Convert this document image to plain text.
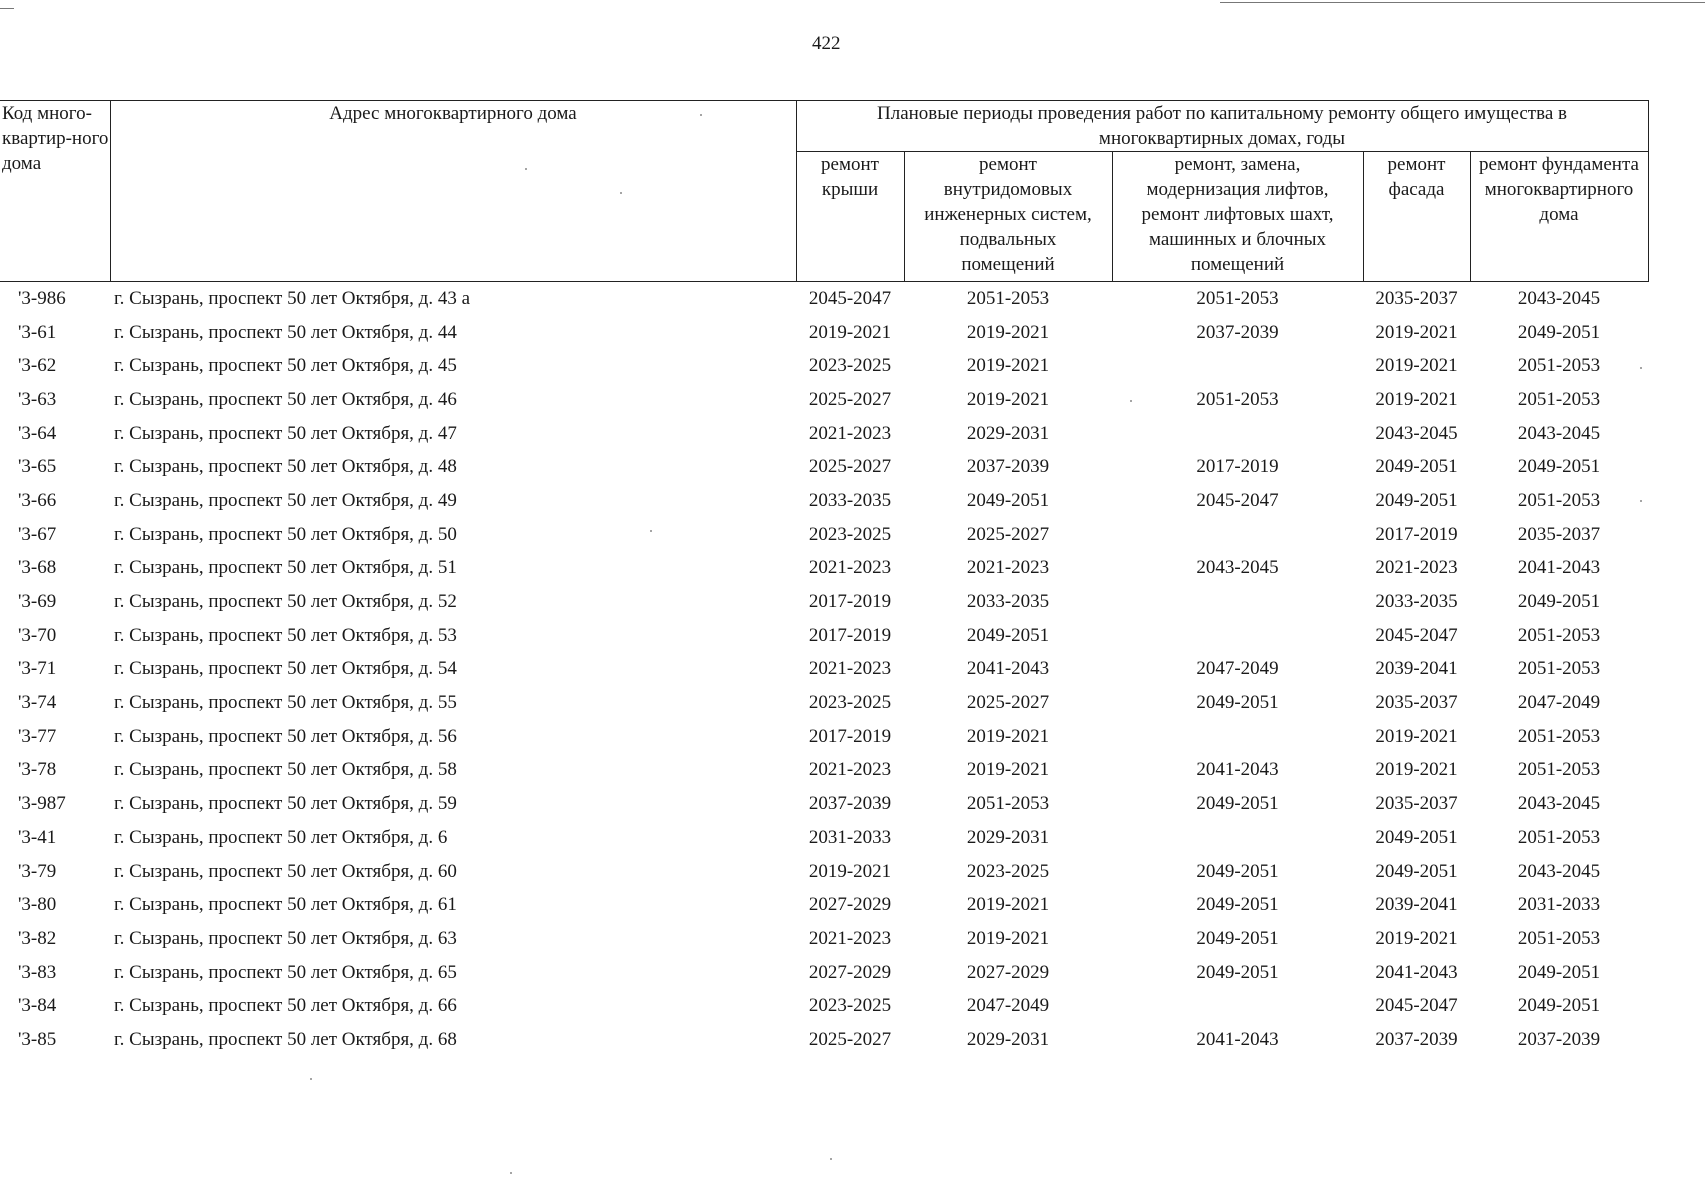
422
Код много-квартир-ного дома	Адрес многоквартирного дома	Плановые периоды проведения работ по капитальному ремонту общего имущества в многоквартирных домах, годы				
		ремонт крыши	ремонт внутридомовых инженерных систем, подвальных помещений	ремонт, замена, модернизация лифтов, ремонт лифтовых шахт, машинных и блочных помещений	ремонт фасада	ремонт фундамента многоквартирного дома
'3-986	г. Сызрань, проспект 50 лет Октября, д. 43 а	2045-2047	2051-2053	2051-2053	2035-2037	2043-2045
'3-61	г. Сызрань, проспект 50 лет Октября, д. 44	2019-2021	2019-2021	2037-2039	2019-2021	2049-2051
'3-62	г. Сызрань, проспект 50 лет Октября, д. 45	2023-2025	2019-2021		2019-2021	2051-2053
'3-63	г. Сызрань, проспект 50 лет Октября, д. 46	2025-2027	2019-2021	2051-2053	2019-2021	2051-2053
'3-64	г. Сызрань, проспект 50 лет Октября, д. 47	2021-2023	2029-2031		2043-2045	2043-2045
'3-65	г. Сызрань, проспект 50 лет Октября, д. 48	2025-2027	2037-2039	2017-2019	2049-2051	2049-2051
'3-66	г. Сызрань, проспект 50 лет Октября, д. 49	2033-2035	2049-2051	2045-2047	2049-2051	2051-2053
'3-67	г. Сызрань, проспект 50 лет Октября, д. 50	2023-2025	2025-2027		2017-2019	2035-2037
'3-68	г. Сызрань, проспект 50 лет Октября, д. 51	2021-2023	2021-2023	2043-2045	2021-2023	2041-2043
'3-69	г. Сызрань, проспект 50 лет Октября, д. 52	2017-2019	2033-2035		2033-2035	2049-2051
'3-70	г. Сызрань, проспект 50 лет Октября, д. 53	2017-2019	2049-2051		2045-2047	2051-2053
'3-71	г. Сызрань, проспект 50 лет Октября, д. 54	2021-2023	2041-2043	2047-2049	2039-2041	2051-2053
'3-74	г. Сызрань, проспект 50 лет Октября, д. 55	2023-2025	2025-2027	2049-2051	2035-2037	2047-2049
'3-77	г. Сызрань, проспект 50 лет Октября, д. 56	2017-2019	2019-2021		2019-2021	2051-2053
'3-78	г. Сызрань, проспект 50 лет Октября, д. 58	2021-2023	2019-2021	2041-2043	2019-2021	2051-2053
'3-987	г. Сызрань, проспект 50 лет Октября, д. 59	2037-2039	2051-2053	2049-2051	2035-2037	2043-2045
'3-41	г. Сызрань, проспект 50 лет Октября, д. 6	2031-2033	2029-2031		2049-2051	2051-2053
'3-79	г. Сызрань, проспект 50 лет Октября, д. 60	2019-2021	2023-2025	2049-2051	2049-2051	2043-2045
'3-80	г. Сызрань, проспект 50 лет Октября, д. 61	2027-2029	2019-2021	2049-2051	2039-2041	2031-2033
'3-82	г. Сызрань, проспект 50 лет Октября, д. 63	2021-2023	2019-2021	2049-2051	2019-2021	2051-2053
'3-83	г. Сызрань, проспект 50 лет Октября, д. 65	2027-2029	2027-2029	2049-2051	2041-2043	2049-2051
'3-84	г. Сызрань, проспект 50 лет Октября, д. 66	2023-2025	2047-2049		2045-2047	2049-2051
'3-85	г. Сызрань, проспект 50 лет Октября, д. 68	2025-2027	2029-2031	2041-2043	2037-2039	2037-2039
